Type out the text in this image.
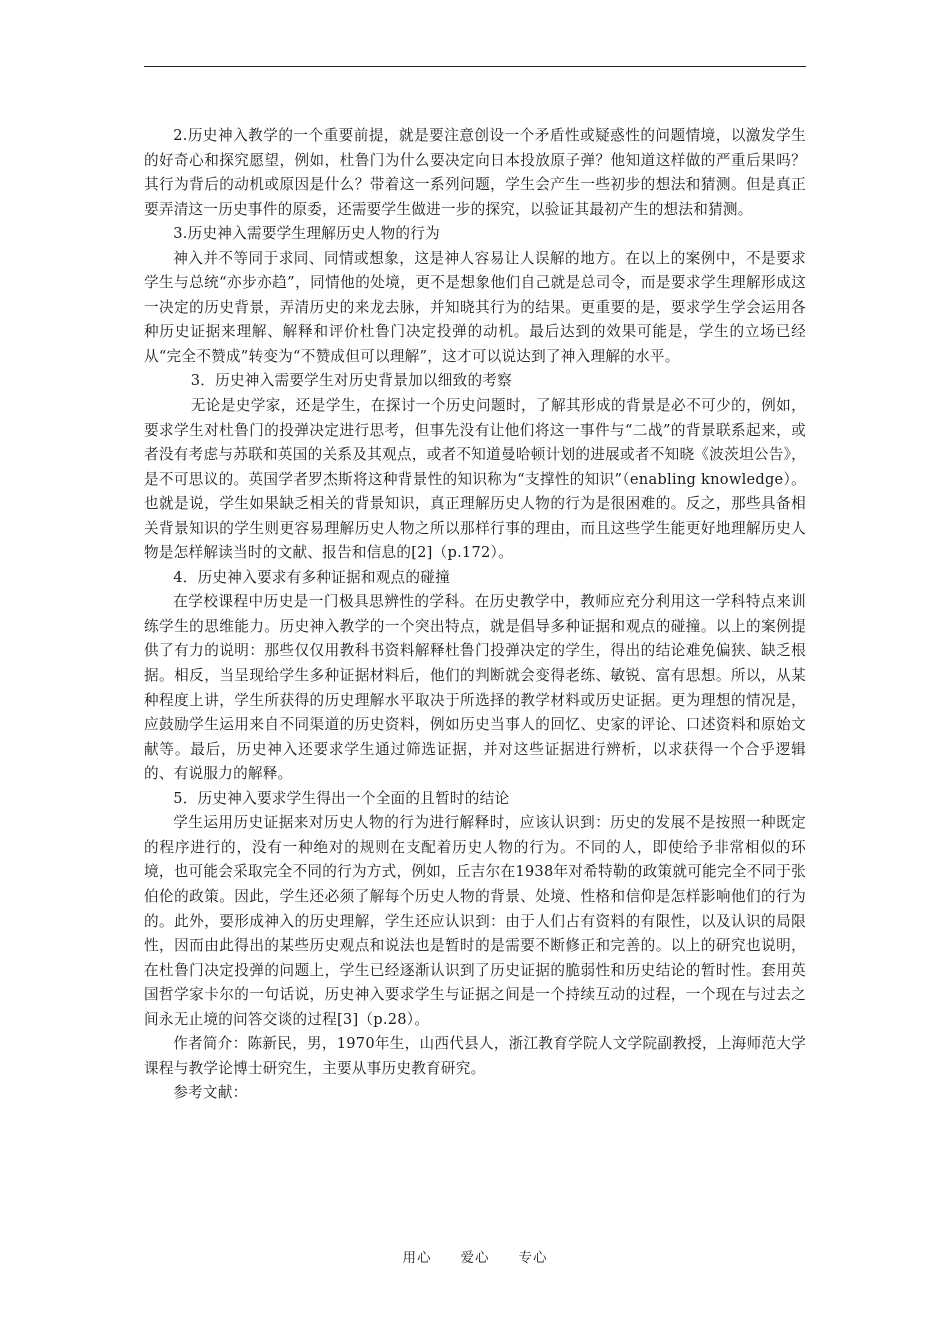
2.历史神入教学的一个重要前提，就是要注意创设一个矛盾性或疑惑性的问题情境，以激发学生的好奇心和探究愿望，例如，杜鲁门为什么要决定向日本投放原子弹？他知道这样做的严重后果吗？其行为背后的动机或原因是什么？带着这一系列问题，学生会产生一些初步的想法和猜测。但是真正要弄清这一历史事件的原委，还需要学生做进一步的探究，以验证其最初产生的想法和猜测。

3.历史神入需要学生理解历史人物的行为

神入并不等同于求同、同情或想象，这是神人容易让人误解的地方。在以上的案例中，不是要求学生与总统“亦步亦趋”，同情他的处境，更不是想象他们自己就是总司令，而是要求学生理解形成这一决定的历史背景，弄清历史的来龙去脉，并知晓其行为的结果。更重要的是，要求学生学会运用各种历史证据来理解、解释和评价杜鲁门决定投弹的动机。最后达到的效果可能是，学生的立场已经从“完全不赞成”转变为“不赞成但可以理解”，这才可以说达到了神入理解的水平。

3．历史神入需要学生对历史背景加以细致的考察

无论是史学家，还是学生，在探讨一个历史问题时，了解其形成的背景是必不可少的，例如，要求学生对杜鲁门的投弹决定进行思考，但事先没有让他们将这一事件与“二战”的背景联系起来，或者没有考虑与苏联和英国的关系及其观点，或者不知道曼哈顿计划的进展或者不知晓《波茨坦公告》，是不可思议的。英国学者罗杰斯将这种背景性的知识称为“支撑性的知识”（enabling knowledge）。也就是说，学生如果缺乏相关的背景知识，真正理解历史人物的行为是很困难的。反之，那些具备相关背景知识的学生则更容易理解历史人物之所以那样行事的理由，而且这些学生能更好地理解历史人物是怎样解读当时的文献、报告和信息的[2]（p.172）。

4．历史神入要求有多种证据和观点的碰撞

在学校课程中历史是一门极具思辨性的学科。在历史教学中，教师应充分利用这一学科特点来训练学生的思维能力。历史神入教学的一个突出特点，就是倡导多种证据和观点的碰撞。以上的案例提供了有力的说明：那些仅仅用教科书资料解释杜鲁门投弹决定的学生，得出的结论难免偏狭、缺乏根据。相反，当呈现给学生多种证据材料后，他们的判断就会变得老练、敏锐、富有思想。所以，从某种程度上讲，学生所获得的历史理解水平取决于所选择的教学材料或历史证据。更为理想的情况是，应鼓励学生运用来自不同渠道的历史资料，例如历史当事人的回忆、史家的评论、口述资料和原始文献等。最后，历史神入还要求学生通过筛选证据，并对这些证据进行辨析，以求获得一个合乎逻辑的、有说服力的解释。

5．历史神入要求学生得出一个全面的且暂时的结论

学生运用历史证据来对历史人物的行为进行解释时，应该认识到：历史的发展不是按照一种既定的程序进行的，没有一种绝对的规则在支配着历史人物的行为。不同的人，即使给予非常相似的环境，也可能会采取完全不同的行为方式，例如，丘吉尔在1938年对希特勒的政策就可能完全不同于张伯伦的政策。因此，学生还必须了解每个历史人物的背景、处境、性格和信仰是怎样影响他们的行为的。此外，要形成神入的历史理解，学生还应认识到：由于人们占有资料的有限性，以及认识的局限性，因而由此得出的某些历史观点和说法也是暂时的是需要不断修正和完善的。以上的研究也说明，在杜鲁门决定投弹的问题上，学生已经逐渐认识到了历史证据的脆弱性和历史结论的暂时性。套用英国哲学家卡尔的一句话说，历史神入要求学生与证据之间是一个持续互动的过程，一个现在与过去之间永无止境的问答交谈的过程[3]（p.28）。

作者简介：陈新民，男，1970年生，山西代县人，浙江教育学院人文学院副教授，上海师范大学课程与教学论博士研究生，主要从事历史教育研究。

参考文献：

用心　　爱心　　专心
